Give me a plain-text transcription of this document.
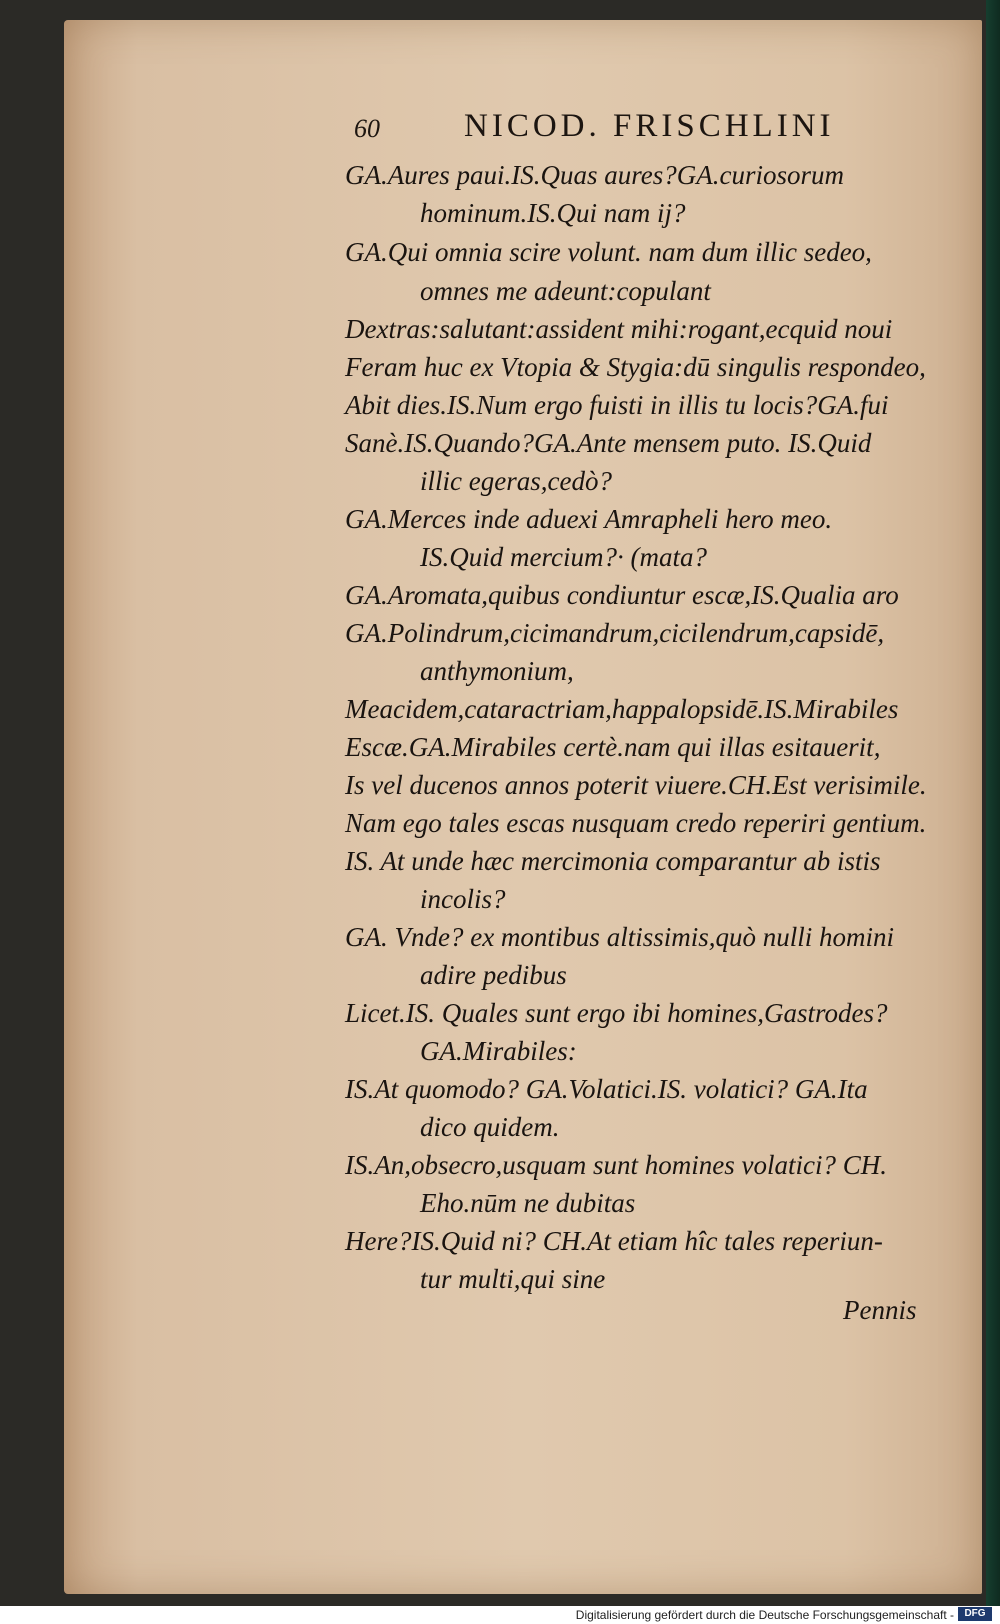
60	NICOD. FRISCHLINI
GA.Aures paui.IS.Quas aures?GA.curiosorum
hominum.IS.Qui nam ij?
GA.Qui omnia scire volunt. nam dum illic sedeo,
omnes me adeunt:copulant
Dextras:salutant:assident mihi:rogant,ecquid noui
Feram huc ex Vtopia & Stygia:dū singulis respondeo,
Abit dies.IS.Num ergo fuisti in illis tu locis?GA.fui
Sanè.IS.Quando?GA.Ante mensem puto. IS.Quid
illic egeras,cedò?
GA.Merces inde aduexi Amrapheli hero meo.
IS.Quid mercium?· (mata?
GA.Aromata,quibus condiuntur escæ,IS.Qualia aro
GA.Polindrum,cicimandrum,cicilendrum,capsidē,
anthymonium,
Meacidem,cataractriam,happalopsidē.IS.Mirabiles
Escæ.GA.Mirabiles certè.nam qui illas esitauerit,
Is vel ducenos annos poterit viuere.CH.Est verisimile.
Nam ego tales escas nusquam credo reperiri gentium.
IS. At unde hæc mercimonia comparantur ab istis
incolis?
GA. Vnde? ex montibus altissimis,quò nulli homini
adire pedibus
Licet.IS. Quales sunt ergo ibi homines,Gastrodes?
GA.Mirabiles:
IS.At quomodo? GA.Volatici.IS. volatici? GA.Ita
dico quidem.
IS.An,obsecro,usquam sunt homines volatici? CH.
Eho.nūm ne dubitas
Here?IS.Quid ni? CH.At etiam hîc tales reperiun-
tur multi,qui sine
Pennis
Digitalisierung gefördert durch die Deutsche Forschungsgemeinschaft -	DFG
